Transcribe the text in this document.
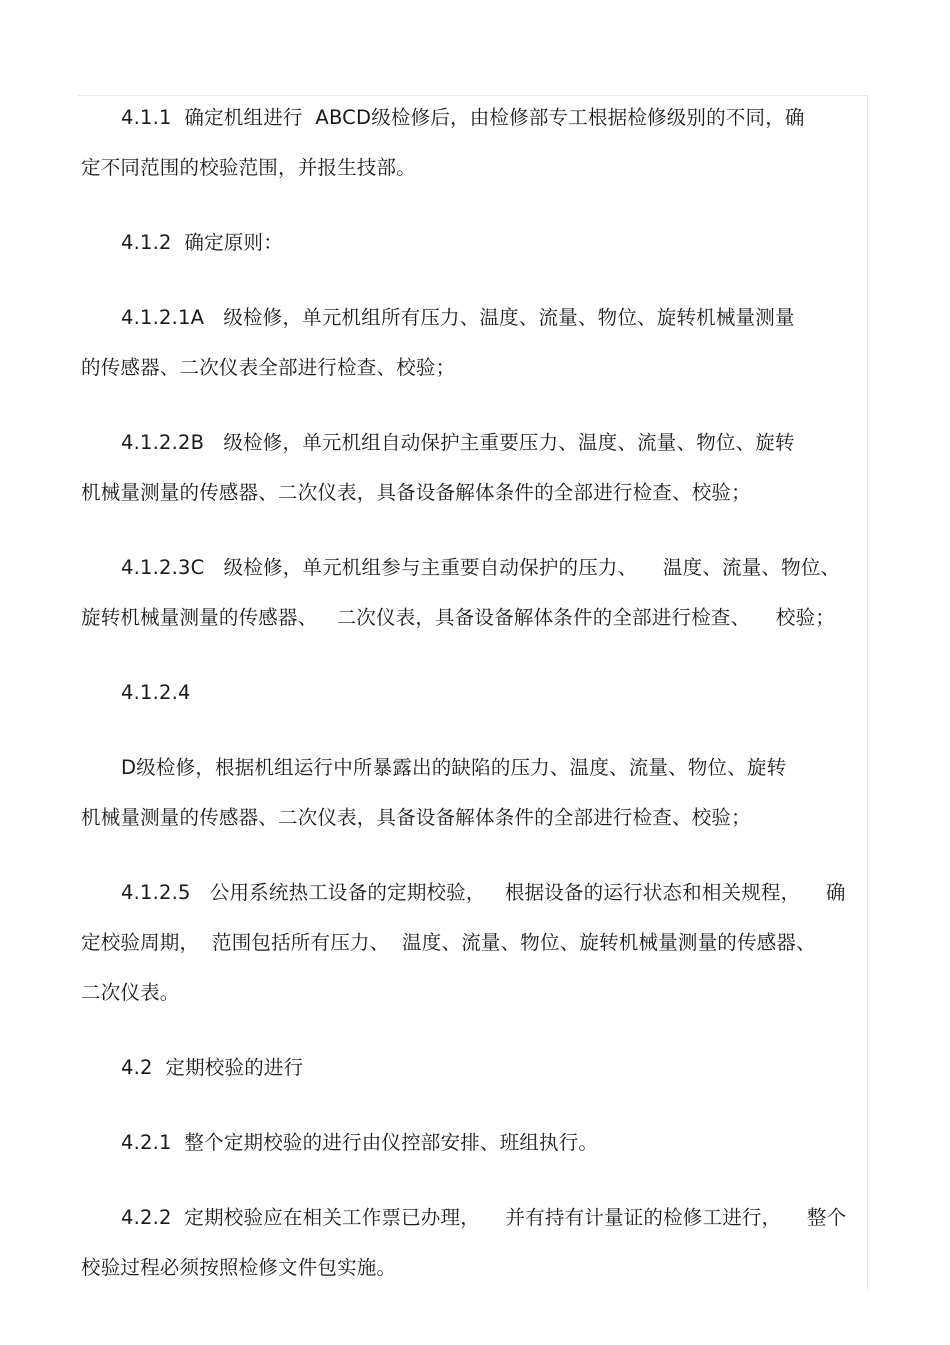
4.1.1  确定机组进行  ABCD级检修后，由检修部专工根据检修级别的不同，确
定不同范围的校验范围，并报生技部。
4.1.2  确定原则：
4.1.2.1A   级检修，单元机组所有压力、温度、流量、物位、旋转机械量测量
的传感器、二次仪表全部进行检查、校验；
4.1.2.2B   级检修，单元机组自动保护主重要压力、温度、流量、物位、旋转
机械量测量的传感器、二次仪表，具备设备解体条件的全部进行检查、校验；
4.1.2.3C   级检修，单元机组参与主重要自动保护的压力、    温度、流量、物位、
旋转机械量测量的传感器、   二次仪表，具备设备解体条件的全部进行检查、    校验；
4.1.2.4
D级检修，根据机组运行中所暴露出的缺陷的压力、温度、流量、物位、旋转
机械量测量的传感器、二次仪表，具备设备解体条件的全部进行检查、校验；
4.1.2.5   公用系统热工设备的定期校验，   根据设备的运行状态和相关规程，    确
定校验周期，  范围包括所有压力、  温度、流量、物位、旋转机械量测量的传感器、
二次仪表。
4.2  定期校验的进行
4.2.1  整个定期校验的进行由仪控部安排、班组执行。
4.2.2  定期校验应在相关工作票已办理，    并有持有计量证的检修工进行，    整个
校验过程必须按照检修文件包实施。
